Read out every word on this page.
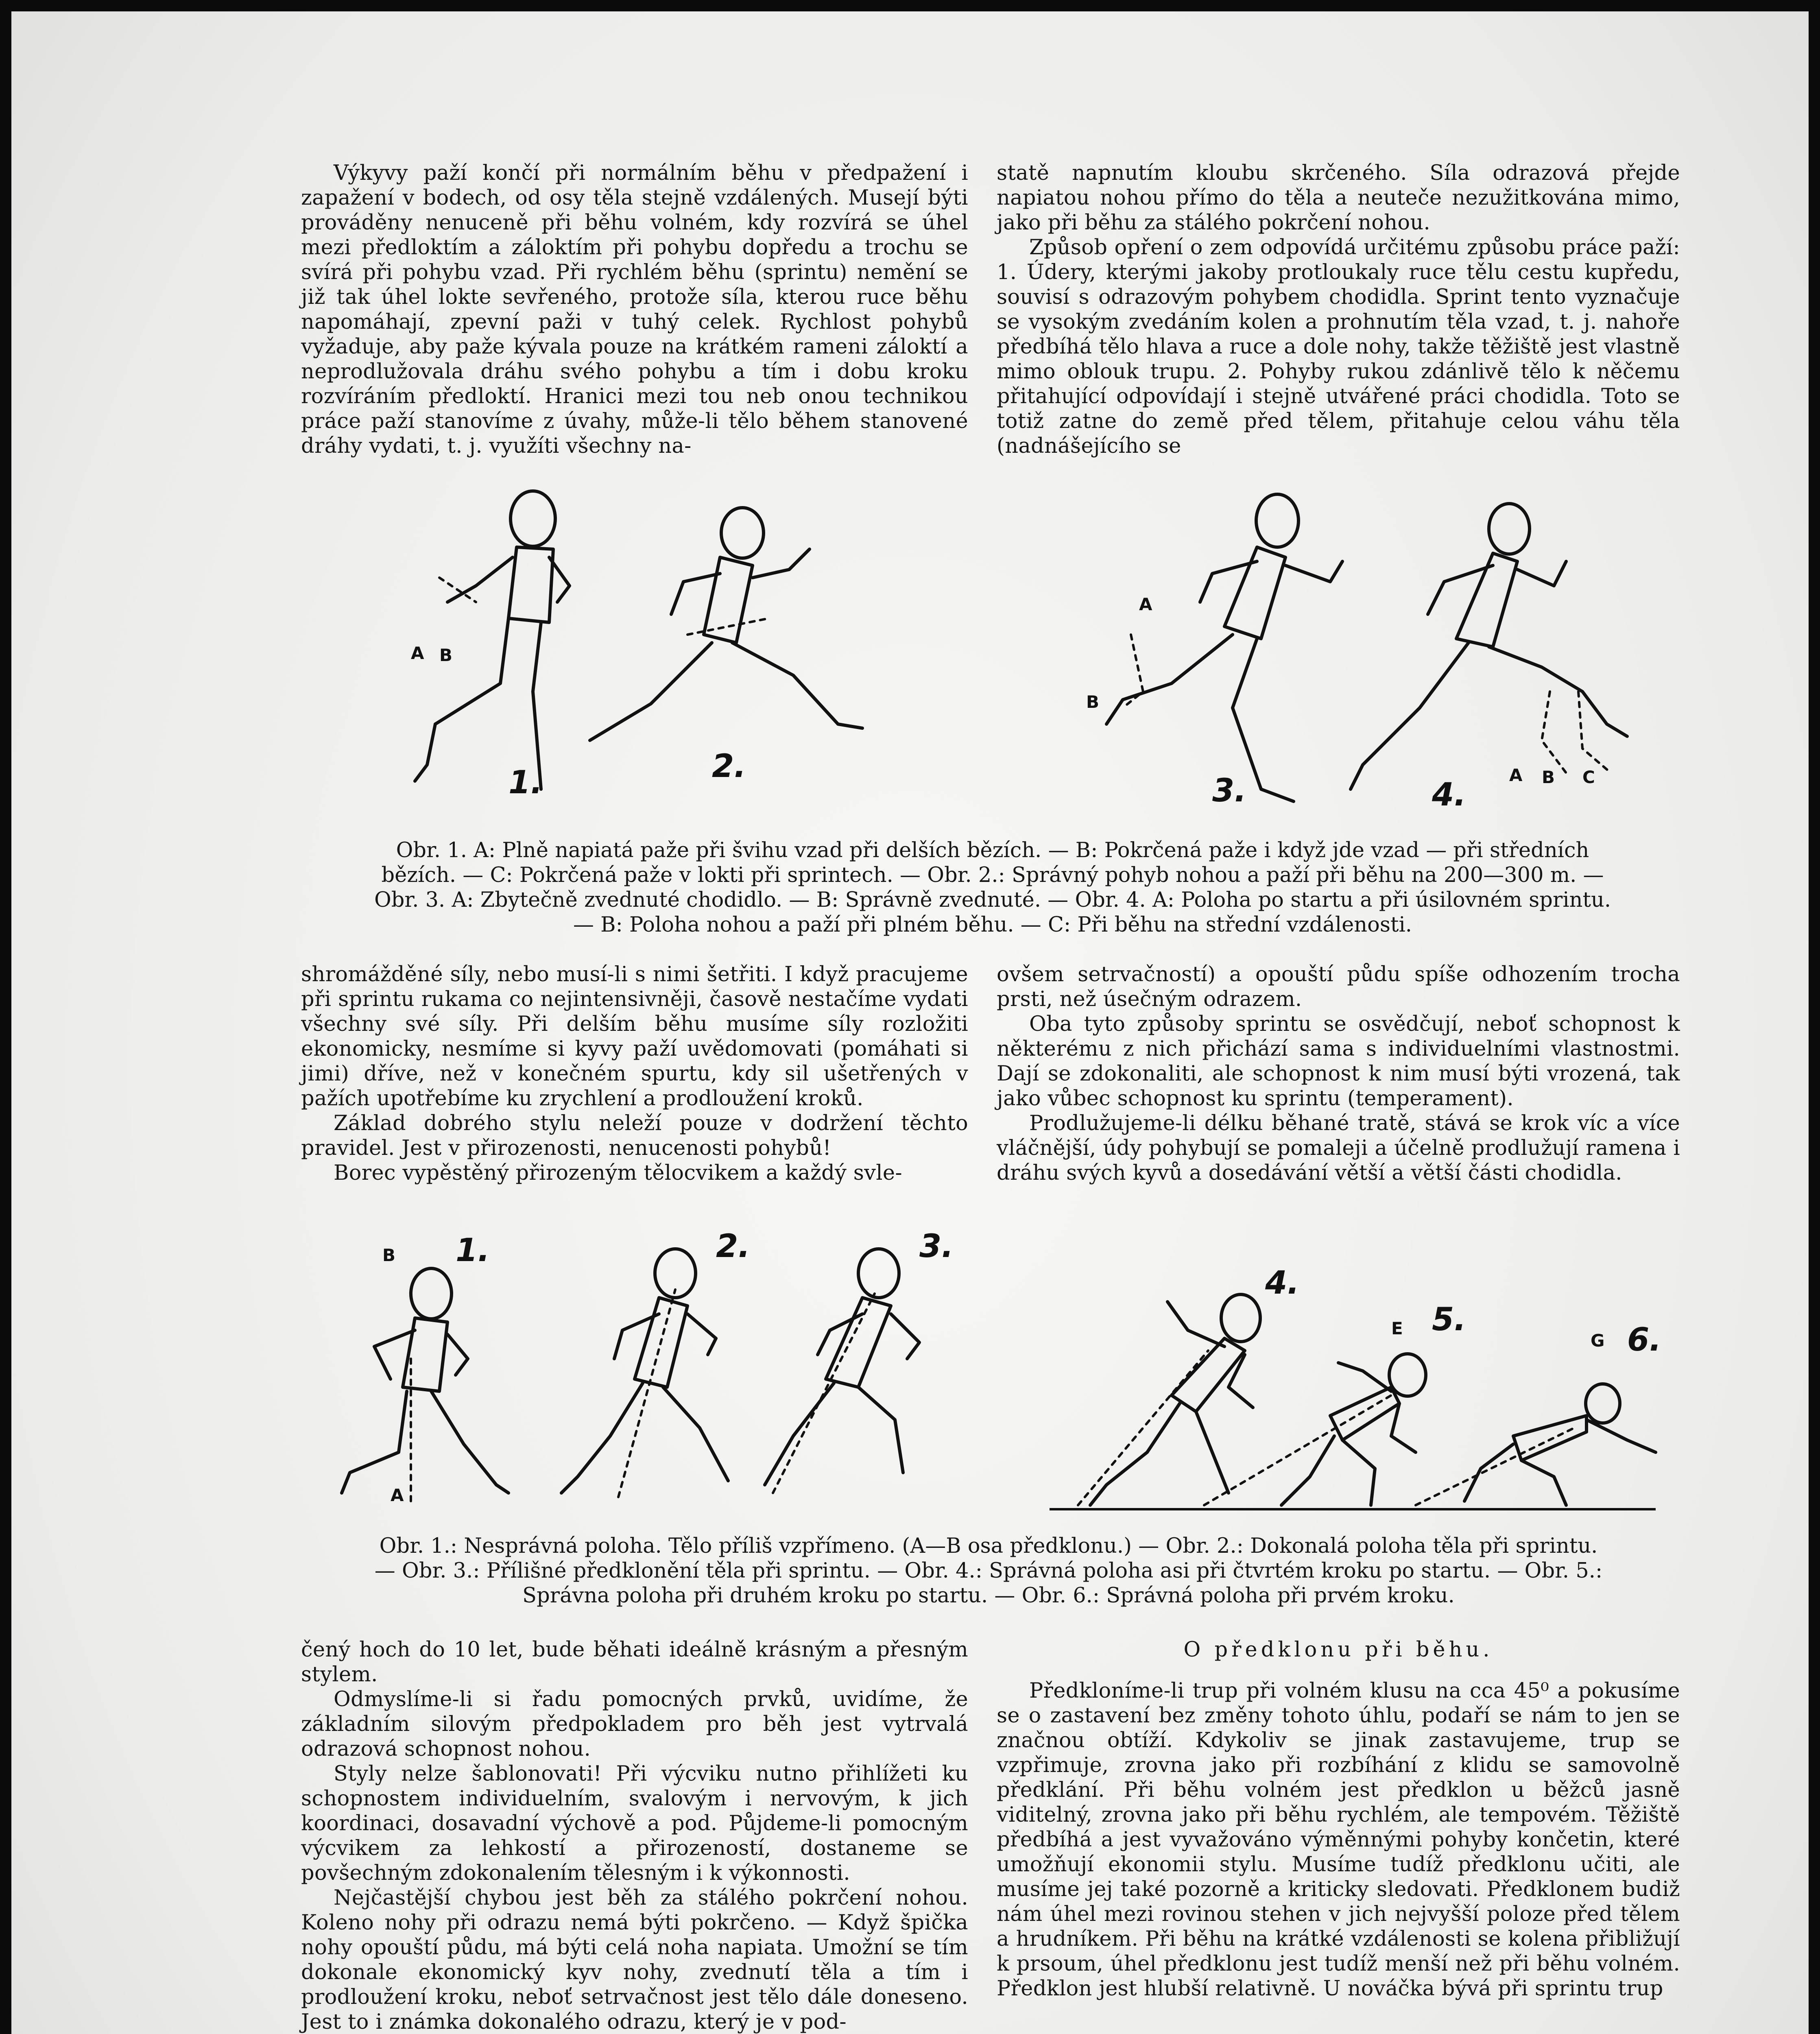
Výkyvy paží končí při normálním běhu v předpažení i zapažení v bodech, od osy těla stejně vzdálených. Musejí býti prováděny nenuceně při běhu volném, kdy rozvírá se úhel mezi předloktím a záloktím při pohybu dopředu a trochu se svírá při pohybu vzad. Při rychlém běhu (sprintu) nemění se již tak úhel lokte sevřeného, protože síla, kterou ruce běhu napomáhají, zpevní paži v tuhý celek. Rychlost pohybů vyžaduje, aby paže kývala pouze na krátkém rameni záloktí a neprodlužovala dráhu svého pohybu a tím i dobu kroku rozvíráním předloktí. Hranici mezi tou neb onou technikou práce paží stanovíme z úvahy, může-li tělo během stanovené dráhy vydati, t. j. využíti všechny na-

statě napnutím kloubu skrčeného. Síla odrazová přejde napiatou nohou přímo do těla a neuteče nezužitkována mimo, jako při běhu za stálého pokrčení nohou.

Způsob opření o zem odpovídá určitému způsobu práce paží: 1. Údery, kterými jakoby protloukaly ruce tělu cestu kupředu, souvisí s odrazovým pohybem chodidla. Sprint tento vyznačuje se vysokým zvedáním kolen a prohnutím těla vzad, t. j. nahoře předbíhá tělo hlava a ruce a dole nohy, takže těžiště jest vlastně mimo oblouk trupu. 2. Pohyby rukou zdánlivě tělo k něčemu přitahující odpovídají i stejně utvářené práci chodidla. Toto se totiž zatne do země před tělem, přitahuje celou váhu těla (nadnášejícího se

1.	2.
3.	4.
A B
A
B
A B C

Obr. 1. A: Plně napiatá paže při švihu vzad při delších bězích. — B: Pokrčená paže i když jde vzad — při středních

bězích. — C: Pokrčená paže v lokti při sprintech. — Obr. 2.: Správný pohyb nohou a paží při běhu na 200—300 m. —

Obr. 3. A: Zbytečně zvednuté chodidlo. — B: Správně zvednuté. — Obr. 4. A: Poloha po startu a při úsilovném sprintu.

— B: Poloha nohou a paží při plném běhu. — C: Při běhu na střední vzdálenosti.

shromážděné síly, nebo musí-li s nimi šetřiti. I když pracujeme při sprintu rukama co nejintensivněji, časově nestačíme vydati všechny své síly. Při delším běhu musíme síly rozložiti ekonomicky, nesmíme si kyvy paží uvědomovati (pomáhati si jimi) dříve, než v konečném spurtu, kdy sil ušetřených v pažích upotřebíme ku zrychlení a prodloužení kroků.

Základ dobrého stylu neleží pouze v dodržení těchto pravidel. Jest v přirozenosti, nenucenosti pohybů!

Borec vypěstěný přirozeným tělocvikem a každý svle-

ovšem setrvačností) a opouští půdu spíše odhozením trocha prsti, než úsečným odrazem.

Oba tyto způsoby sprintu se osvědčují, neboť schopnost k některému z nich přichází sama s individuelními vlastnostmi. Dají se zdokonaliti, ale schopnost k nim musí býti vrozená, tak jako vůbec schopnost ku sprintu (temperament).

Prodlužujeme-li délku běhané tratě, stává se krok víc a více vláčnější, údy pohybují se pomaleji a účelně prodlužují ramena i dráhu svých kyvů a dosedávání větší a větší části chodidla.

1.	2.	3.
4.
5.
6.
B
A
E
G

Obr. 1.: Nesprávná poloha. Tělo příliš vzpřímeno. (A—B osa předklonu.) — Obr. 2.: Dokonalá poloha těla při sprintu.

— Obr. 3.: Přílišné předklonění těla při sprintu. — Obr. 4.: Správná poloha asi při čtvrtém kroku po startu. — Obr. 5.:

Správna poloha při druhém kroku po startu. — Obr. 6.: Správná poloha při prvém kroku.

čený hoch do 10 let, bude běhati ideálně krásným a přesným stylem.

Odmyslíme-li si řadu pomocných prvků, uvidíme, že základním silovým předpokladem pro běh jest vytrvalá odrazová schopnost nohou.

Styly nelze šablonovati! Při výcviku nutno přihlížeti ku schopnostem individuelním, svalovým i nervovým, k jich koordinaci, dosavadní výchově a pod. Půjdeme-li pomocným výcvikem za lehkostí a přirozeností, dostaneme se povšechným zdokonalením tělesným i k výkonnosti.

Nejčastější chybou jest běh za stálého pokrčení nohou. Koleno nohy při odrazu nemá býti pokrčeno. — Když špička nohy opouští půdu, má býti celá noha napiata. Umožní se tím dokonale ekonomický kyv nohy, zvednutí těla a tím i prodloužení kroku, neboť setrvačnost jest tělo dále doneseno. Jest to i známka dokonalého odrazu, který je v pod-

O předklonu při běhu.

Předkloníme-li trup při volném klusu na cca 45⁰ a pokusíme se o zastavení bez změny tohoto úhlu, podaří se nám to jen se značnou obtíží. Kdykoliv se jinak zastavujeme, trup se vzpřimuje, zrovna jako při rozbíhání z klidu se samovolně předklání. Při běhu volném jest předklon u běžců jasně viditelný, zrovna jako při běhu rychlém, ale tempovém. Těžiště předbíhá a jest vyvažováno výměnnými pohyby končetin, které umožňují ekonomii stylu. Musíme tudíž předklonu učiti, ale musíme jej také pozorně a kriticky sledovati. Předklonem budiž nám úhel mezi rovinou stehen v jich nejvyšší poloze před tělem a hrudníkem. Při běhu na krátké vzdálenosti se kolena přibližují k prsoum, úhel předklonu jest tudíž menší než při běhu volném. Předklon jest hlubší relativně. U nováčka bývá při sprintu trup
